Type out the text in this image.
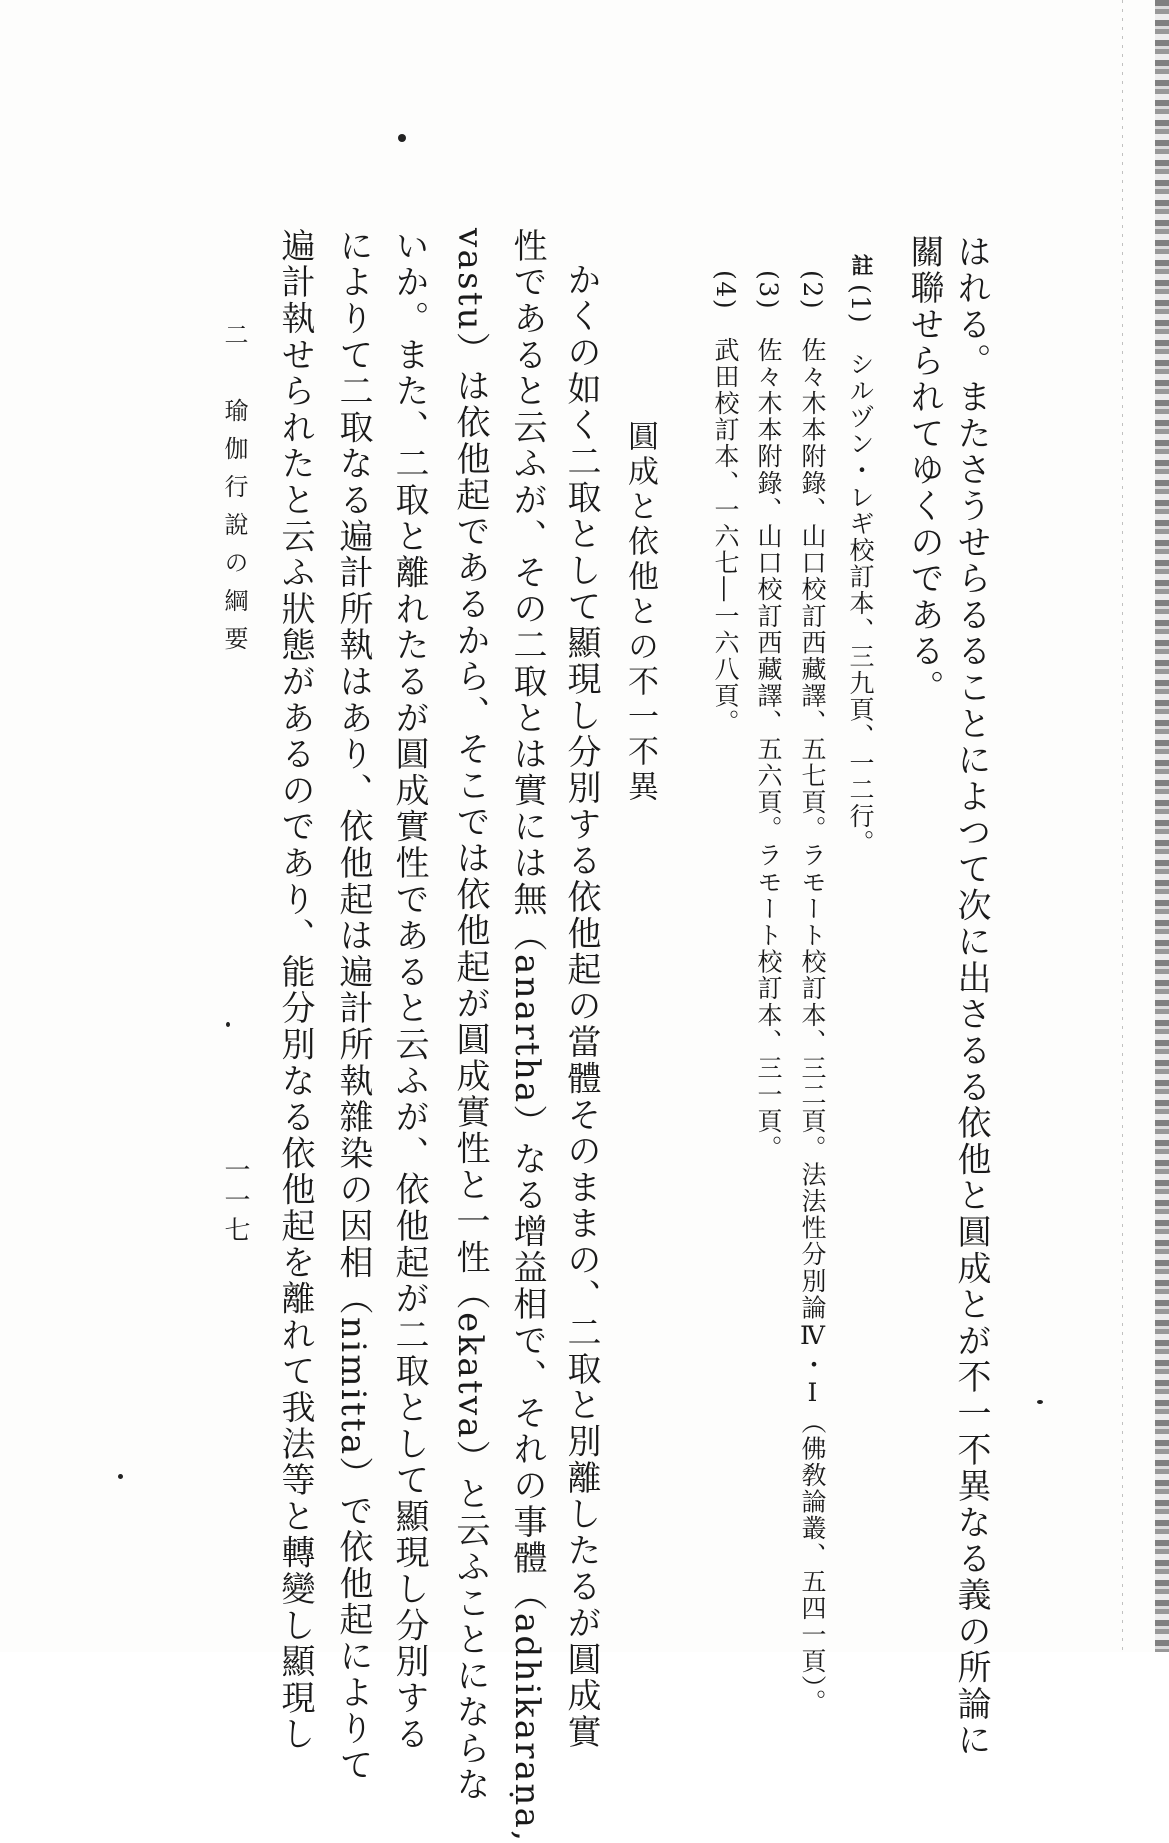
はれる。またさうせらるることによつて次に出さるる依他と圓成とが不一不異なる義の所論に
關聯せられてゆくのである。
註
(1)　シルヅン・レギ校訂本、三九頁、一二行。
(2)　佐々木本附錄、山口校訂西藏譯、五七頁。ラモート校訂本、三二頁。法法性分別論Ⅳ・Ⅰ（佛敎論叢、五四一頁）。
(3)　佐々木本附錄、山口校訂西藏譯、五六頁。ラモート校訂本、三一頁。
(4)　武田校訂本、一六七―一六八頁。
圓成と依他との不一不異
かくの如く二取として顯現し分別する依他起の當體そのままの、二取と別離したるが圓成實
性であると云ふが、その二取とは實には無（anartha）なる增益相で、それの事體（adhikaraṇa,
vastu）は依他起であるから、そこでは依他起が圓成實性と一性（ekatva）と云ふことにならな
いか。また、二取と離れたるが圓成實性であると云ふが、依他起が二取として顯現し分別する
によりて二取なる遍計所執はあり、依他起は遍計所執雜染の因相（nimitta）で依他起によりて
遍計執せられたと云ふ狀態があるのであり、能分別なる依他起を離れて我法等と轉變し顯現し
二　瑜伽行說の綱要
一一七
